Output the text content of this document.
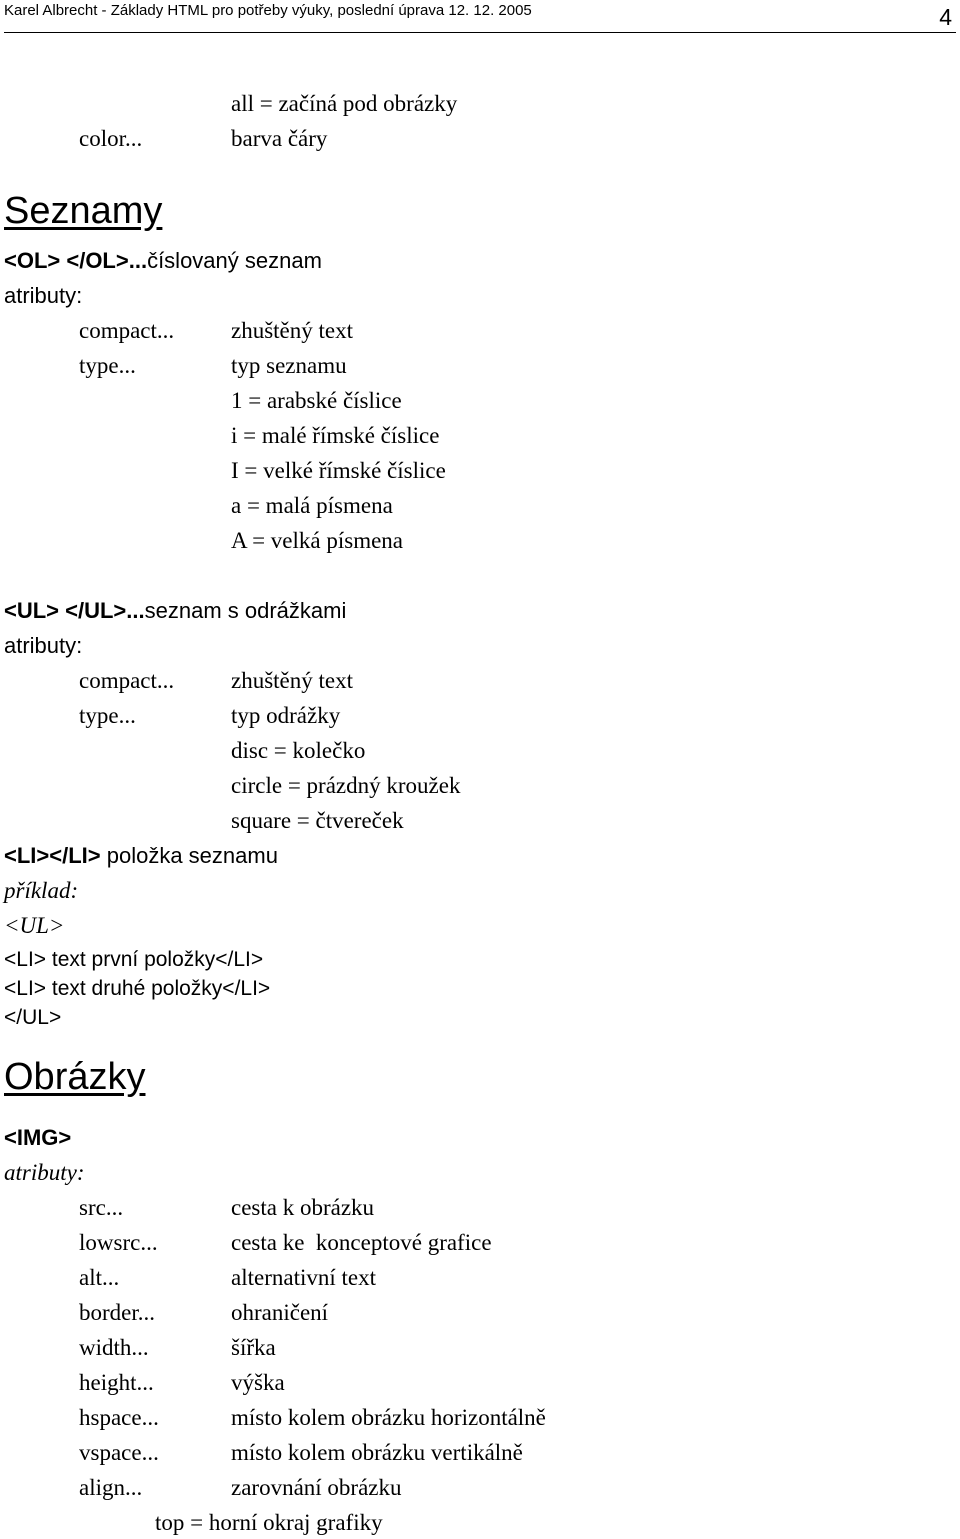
Karel Albrecht - Základy HTML pro potřeby výuky, poslední úprava 12. 12. 2005	4
all = začíná pod obrázky
color...	barva čáry
Seznamy
<OL> </OL>...číslovaný seznam
atributy:
compact... zhuštěný text
type...	typ seznamu
1 = arabské číslice
i = malé římské číslice
I = velké římské číslice
a = malá písmena
A = velká písmena
<UL> </UL>...seznam s odrážkami
atributy:
compact... zhuštěný text
type...	typ odrážky
disc = kolečko
circle = prázdný kroužek
square = čtvereček
<LI></LI> položka seznamu
příklad:
<UL>
<LI> text první položky</LI>
<LI> text druhé položky</LI>
</UL>
Obrázky
<IMG>
atributy:
src...	cesta k obrázku
lowsrc...	cesta ke  konceptové grafice
alt...	alternativní text
border...	ohraničení
width...	šířka
height...	výška
hspace...	místo kolem obrázku horizontálně
vspace...	místo kolem obrázku vertikálně
align...	zarovnání obrázku
top = horní okraj grafiky
